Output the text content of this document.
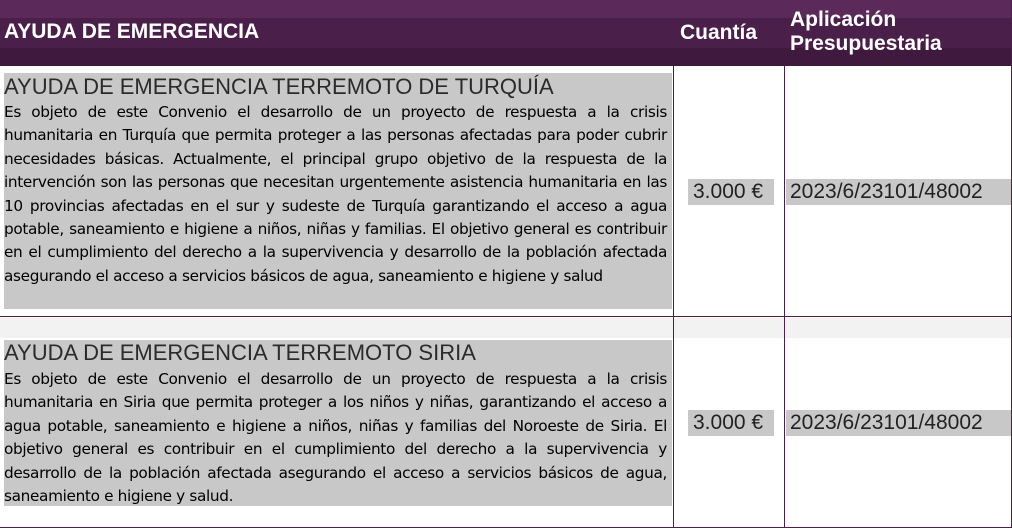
AYUDA DE EMERGENCIA	Cuantía
Aplicación
Presupuestaria
AYUDA DE EMERGENCIA TERREMOTO DE TURQUÍA
Es objeto de este Convenio el desarrollo de un proyecto de respuesta a la crisis humanitaria en Turquía que permita proteger a las personas afectadas para poder cubrir necesidades básicas. Actualmente, el principal grupo objetivo de la respuesta de la intervención son las personas que necesitan urgentemente asistencia humanitaria en las 10 provincias afectadas en el sur y sudeste de Turquía garantizando el acceso a agua potable, saneamiento e higiene a niños, niñas y familias. El objetivo general es contribuir en el cumplimiento del derecho a la supervivencia y desarrollo de la población afectada asegurando el acceso a servicios básicos de agua, saneamiento e higiene y salud
3.000 € 2023/6/23101/48002
AYUDA DE EMERGENCIA TERREMOTO SIRIA
Es objeto de este Convenio el desarrollo de un proyecto de respuesta a la crisis humanitaria en Siria que permita proteger a los niños y niñas, garantizando el acceso a agua potable, saneamiento e higiene a niños, niñas y familias del Noroeste de Siria. El objetivo general es contribuir en el cumplimiento del derecho a la supervivencia y desarrollo de la población afectada asegurando el acceso a servicios básicos de agua, saneamiento e higiene y salud.
3.000 € 2023/6/23101/48002
